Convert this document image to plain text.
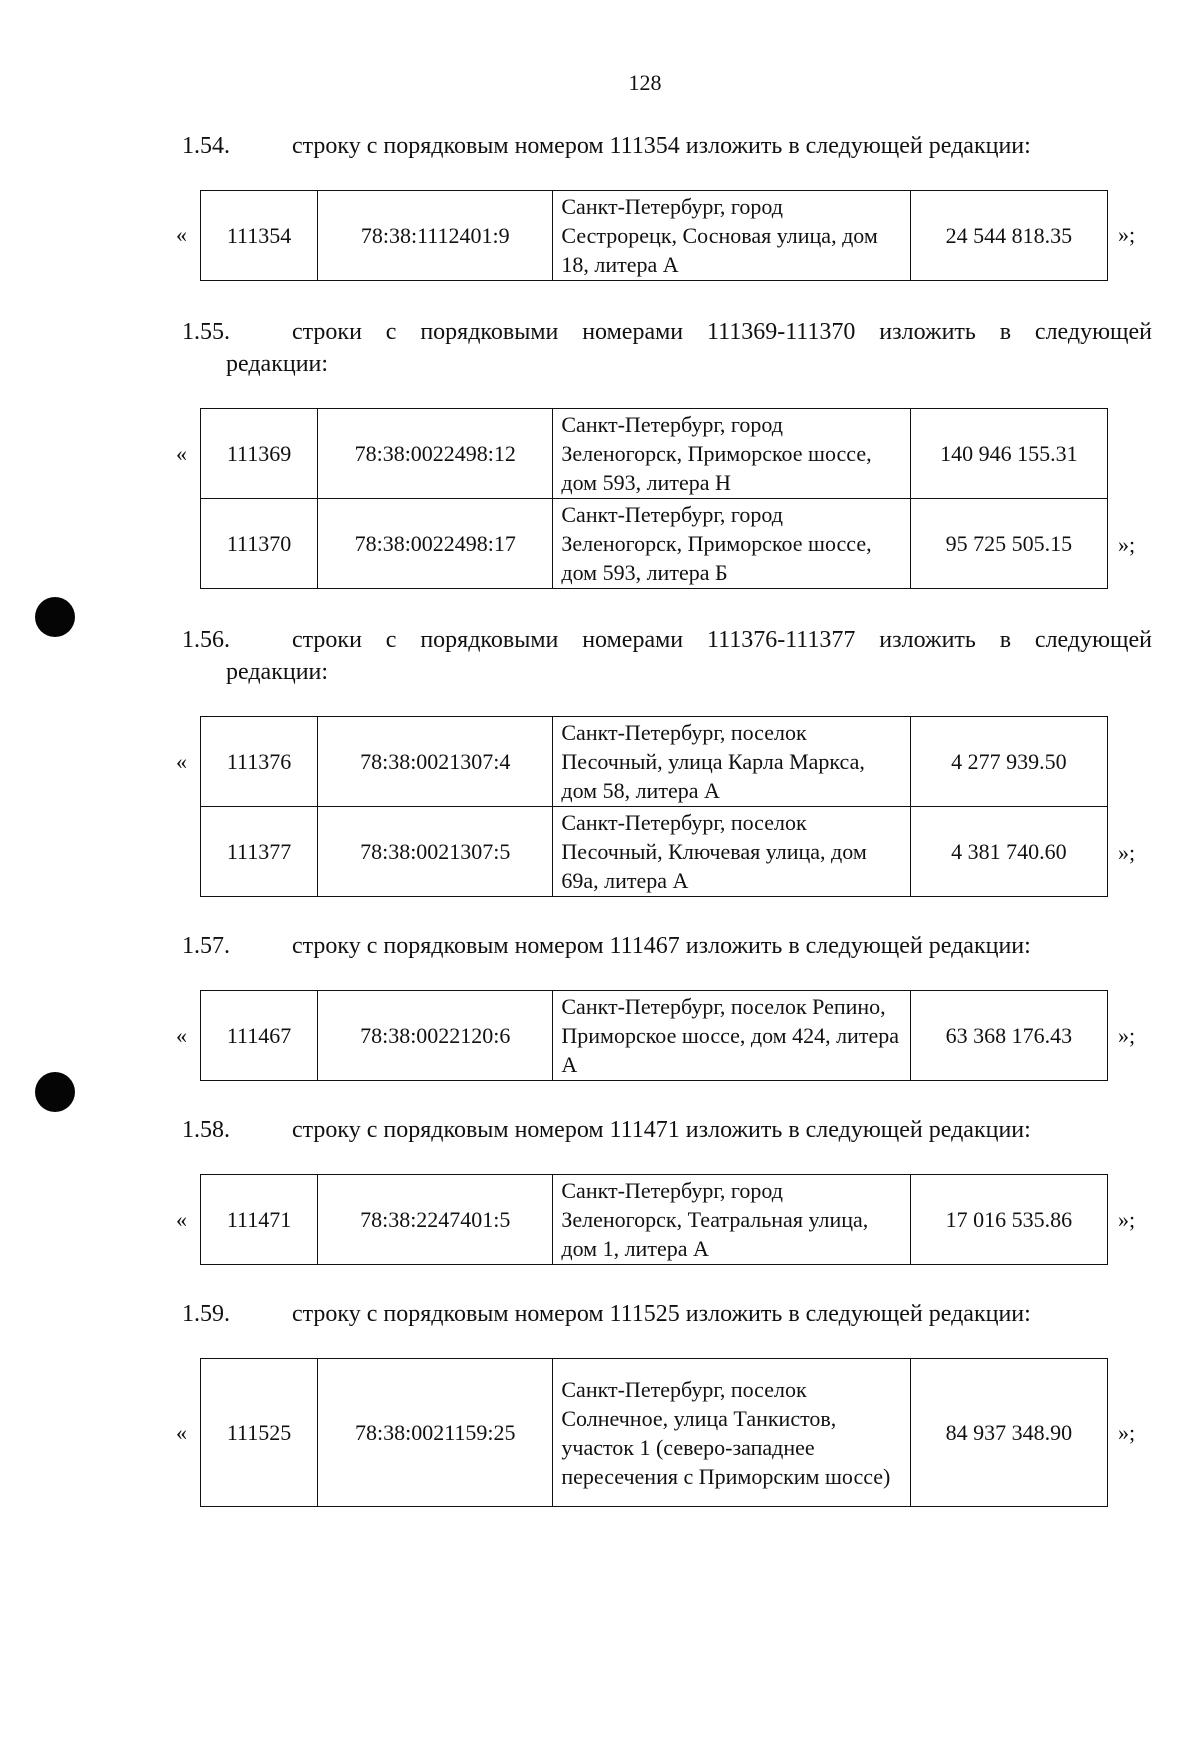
128
1.54.	строку с порядковым номером 111354 изложить в следующей редакции:
« 111354	78:38:1112401:9	Санкт-Петербург, город Сестрорецк, Сосновая улица, дом 18, литера А	24 544 818.35 »;
1.55.	строки с порядковыми номерами 111369-111370 изложить в следующей
редакции:
« 111369	78:38:0022498:12	Санкт-Петербург, город Зеленогорск, Приморское шоссе, дом 593, литера Н	140 946 155.31
111370	78:38:0022498:17	Санкт-Петербург, город Зеленогорск, Приморское шоссе, дом 593, литера Б	95 725 505.15 »;
1.56.	строки с порядковыми номерами 111376-111377 изложить в следующей
редакции:
« 111376	78:38:0021307:4	Санкт-Петербург, поселок Песочный, улица Карла Маркса, дом 58, литера А	4 277 939.50
111377	78:38:0021307:5	Санкт-Петербург, поселок Песочный, Ключевая улица, дом 69а, литера А	4 381 740.60 »;
1.57.	строку с порядковым номером 111467 изложить в следующей редакции:
« 111467	78:38:0022120:6	Санкт-Петербург, поселок Репино, Приморское шоссе, дом 424, литера А	63 368 176.43 »;
1.58.	строку с порядковым номером 111471 изложить в следующей редакции:
« 111471	78:38:2247401:5	Санкт-Петербург, город Зеленогорск, Театральная улица, дом 1, литера А	17 016 535.86 »;
1.59.	строку с порядковым номером 111525 изложить в следующей редакции:
« 111525	78:38:0021159:25	Санкт-Петербург, поселок Солнечное, улица Танкистов, участок 1 (северо-западнее пересечения с Приморским шоссе)	84 937 348.90 »;
